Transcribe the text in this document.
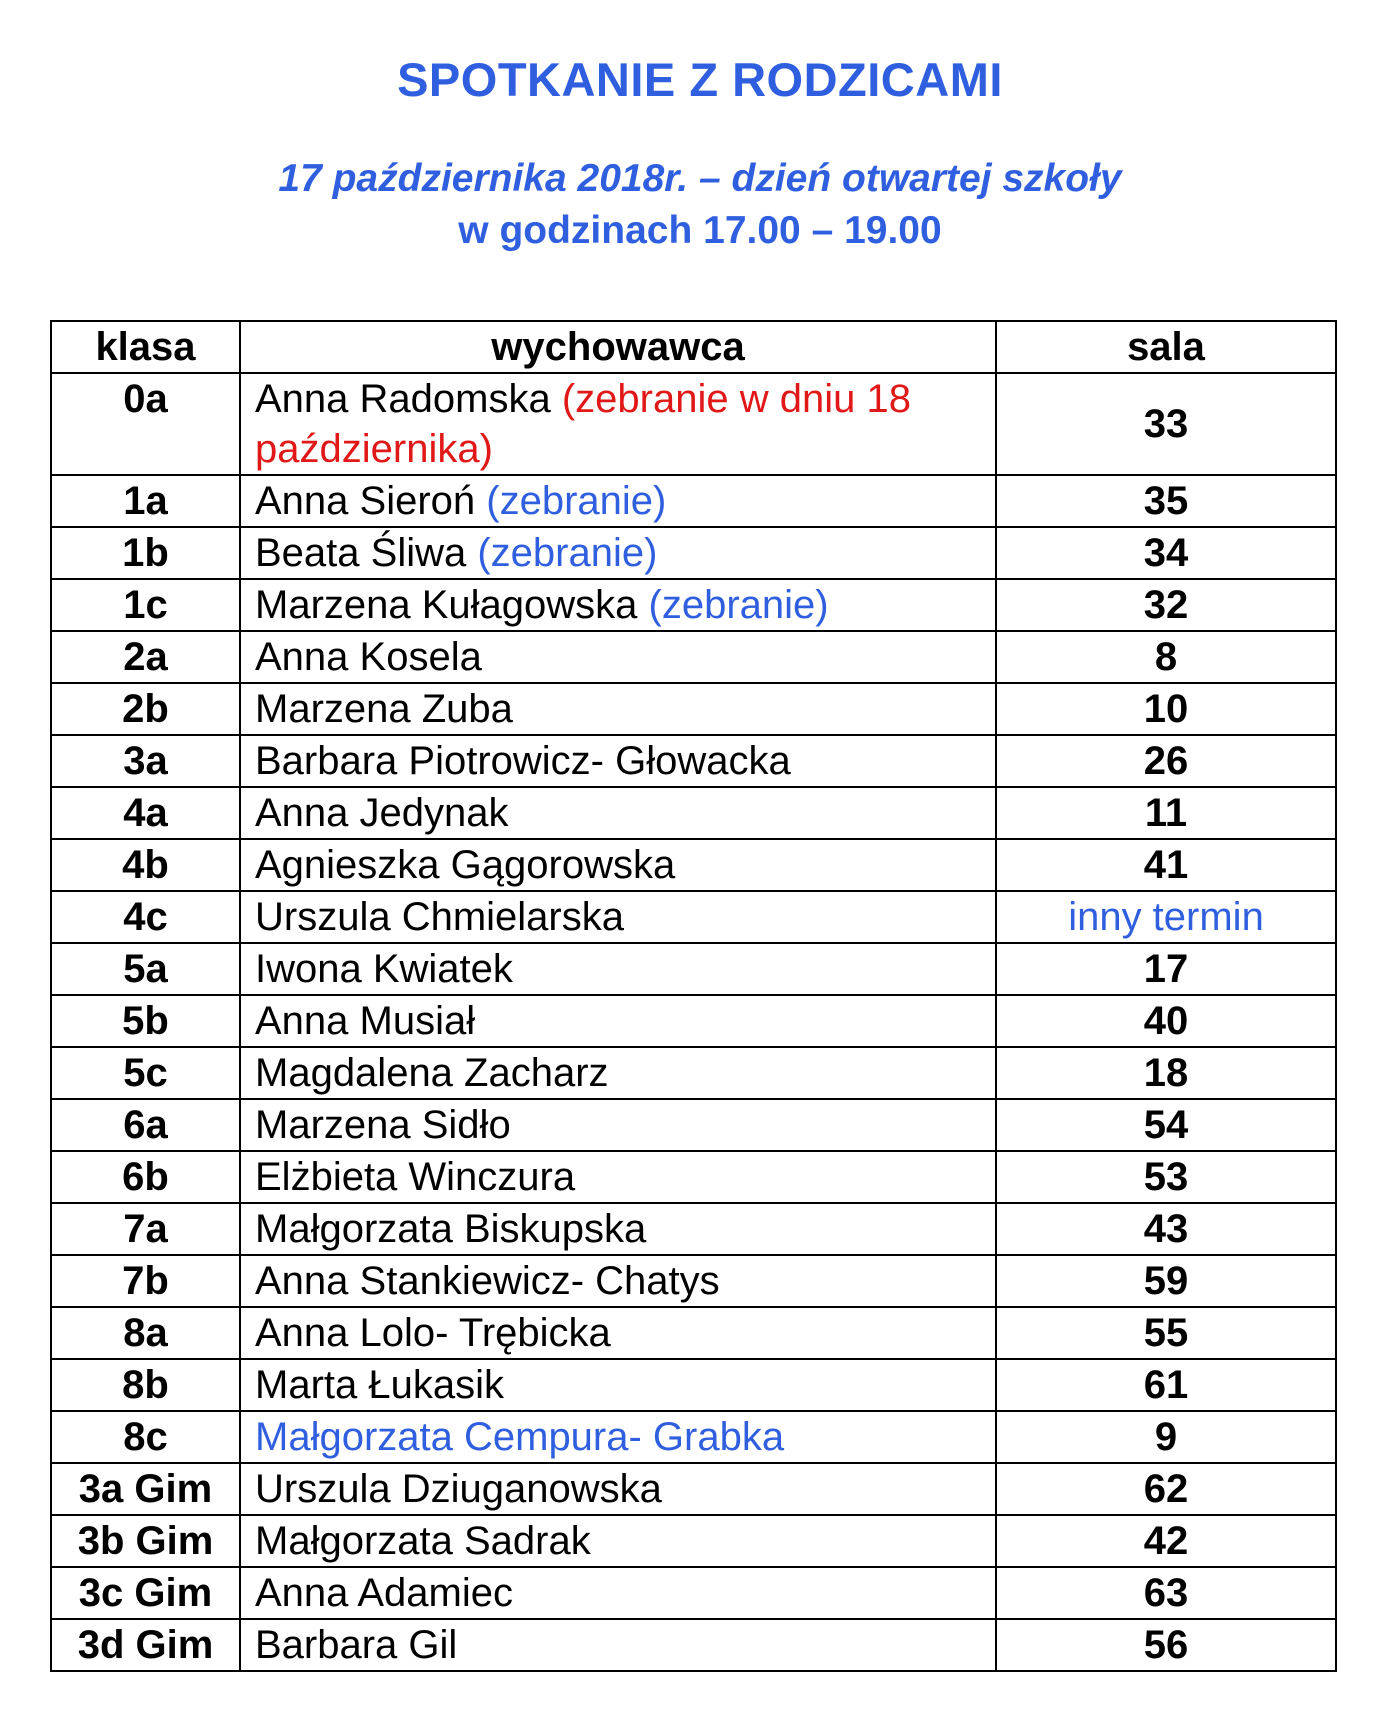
SPOTKANIE Z RODZICAMI
17 października 2018r. – dzień otwartej szkoły
w godzinach 17.00 – 19.00
klasa	wychowawca	sala
0a	Anna Radomska (zebranie w dniu 18 października)	33
1a	Anna Sieroń (zebranie)	35
1b	Beata Śliwa (zebranie)	34
1c	Marzena Kułagowska (zebranie)	32
2a	Anna Kosela	8
2b	Marzena Zuba	10
3a	Barbara Piotrowicz- Głowacka	26
4a	Anna Jedynak	11
4b	Agnieszka Gągorowska	41
4c	Urszula Chmielarska	inny termin
5a	Iwona Kwiatek	17
5b	Anna Musiał	40
5c	Magdalena Zacharz	18
6a	Marzena Sidło	54
6b	Elżbieta Winczura	53
7a	Małgorzata Biskupska	43
7b	Anna Stankiewicz- Chatys	59
8a	Anna Lolo- Trębicka	55
8b	Marta Łukasik	61
8c	Małgorzata Cempura- Grabka	9
3a Gim	Urszula Dziuganowska	62
3b Gim	Małgorzata Sadrak	42
3c Gim	Anna Adamiec	63
3d Gim	Barbara Gil	56
